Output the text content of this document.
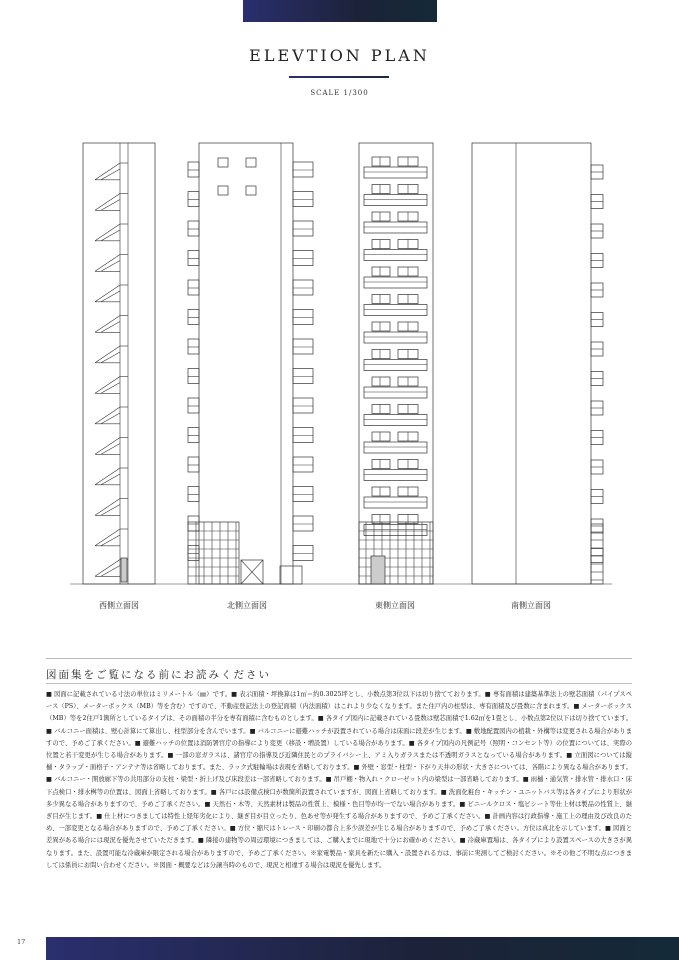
ELEVTION PLAN
SCALE 1/300
西側立面図	北側立面図	東側立面図	南側立面図
図面集をご覧になる前にお読みください
■ 図面に記載されている寸法の単位はミリメートル（㎜）です。■ 表示面積・坪換算は1㎡＝約0.3025坪とし、小数点第3位以下は切り捨てております。■ 専有面積は建築基準法上の壁芯面積（パイプスペース（PS）、メーターボックス（MB）等を含む）ですので、不動産登記法上の登記面積（内法面積）はこれより少なくなります。また住戸内の柱型は、専有面積及び畳数に含まれます。■ メーターボックス（MB）等を2住戸1箇所としているタイプは、その面積の半分を専有面積に含むものとします。■ 各タイプ図内に記載されている畳数は壁芯面積で1.62㎡を1畳とし、小数点第2位以下は切り捨てています。■ バルコニー面積は、壁心計算にて算出し、柱型部分を含んでいます。■ バルコニーに避難ハッチが設置されている場合は床面に段差が生じます。■ 敷地配置図内の植栽・外構等は変更される場合がありますので、予めご了承ください。■ 避難ハッチの位置は消防署官庁の指導により変更（移設・増設置）している場合があります。■ 各タイプ図内の凡例記号（照明・コンセント等）の位置については、実際の位置と若干変更が生じる場合があります。■ 一部の窓ガラスは、諸官庁の指導及び近隣住民とのプライバシー上、アミ入りガラスまたは不透明ガラスとなっている場合があります。■ 立面図については縦樋・タラップ・面格子・アンテナ等は省略しております。また、ラック式駐輪場は表現を省略しております。■ 外壁・窓型・柱型・下がり天井の形状・大きさについては、各階により異なる場合があります。■ バルコニー・開放廊下等の共用部分の支柱・梁型・折上げ及び床段差は一部省略しております。■ 吊戸棚・物入れ・クローゼット内の梁型は一部省略しております。■ 雨樋・通気管・排水管・排水口・床下点検口・排水桝等の位置は、図面上省略しております。■ 各戸には設備点検口が数箇所設置されていますが、図面上省略しております。■ 洗面化粧台・キッチン・ユニットバス等は各タイプにより形状が多少異なる場合がありますので、予めご了承ください。■ 天然石・木等、天然素材は製品の性質上、模様・色目等が均一でない場合があります。■ ビニールクロス・塩ビシート等仕上材は製品の性質上、継ぎ目が生じます。■ 仕上材につきましては特性上経年劣化により、継ぎ目が目立ったり、色あせ等が発生する場合がありますので、予めご了承ください。■ 計画内容は行政指導・施工上の理由及び改良のため、一部変更となる場合がありますので、予めご了承ください。■ 方位・縮尺はトレース・印刷の都合上多少誤差が生じる場合がありますので、予めご了承ください。方位は真北を示しています。■ 図面と差異がある場合には現況を優先させていただきます。■ 隣接の建物等の周辺環境につきましては、ご購入までに現地で十分にお確かめください。■ 冷蔵庫置場は、各タイプにより設置スペースの大きさが異なります。また、設置可能な冷蔵庫が限定される場合がありますので、予めご了承ください。※家電製品・家具を新たに購入・設置される方は、事前に実測してご検討ください。※その他ご不明な点につきましては係員にお問い合わせください。※図面・概要などは分譲当時のもので、現況と相違する場合は現況を優先します。
17
